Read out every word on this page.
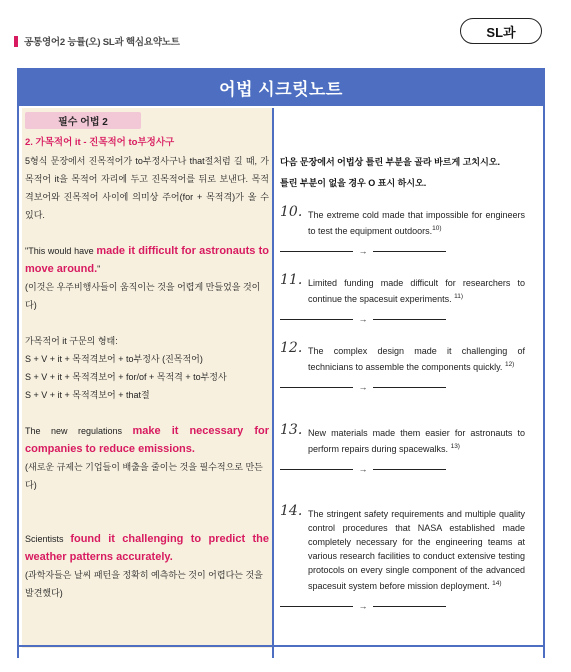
공통영어2 능률(오) SL과 핵심요약노트
SL과
어법 시크릿노트
필수 어법 2
2. 가목적어 it - 진목적어 to부정사구
5형식 문장에서 진목적어가 to부정사구나 that절처럼 길 때, 가목적어 it을 목적어 자리에 두고 진목적어를 뒤로 보낸다. 목적격보어와 진목적어 사이에 의미상 주어(for + 목적격)가 올 수 있다.
"This would have made it difficult for astronauts to move around."
(이것은 우주비행사들이 움직이는 것을 어렵게 만들었을 것이다)
가목적어 it 구문의 형태:
S + V + it + 목적격보어 + to부정사 (진목적어)
S + V + it + 목적격보어 + for/of + 목적격 + to부정사
S + V + it + 목적격보어 + that절
The new regulations make it necessary for companies to reduce emissions.
(새로운 규제는 기업들이 배출을 줄이는 것을 필수적으로 만든다)
Scientists found it challenging to predict the weather patterns accurately.
(과학자들은 날씨 패턴을 정확히 예측하는 것이 어렵다는 것을 발견했다)
다음 문장에서 어법상 틀린 부분을 골라 바르게 고치시오.
틀린 부분이 없을 경우 O 표시 하시오.
10. The extreme cold made that impossible for engineers to test the equipment outdoors.$^{10)}$
→
11. Limited funding made difficult for researchers to continue the spacesuit experiments. $^{11)}$
→
12. The complex design made it challenging of technicians to assemble the components quickly. $^{12)}$
→
13. New materials made them easier for astronauts to perform repairs during spacewalks. $^{13)}$
→
14. The stringent safety requirements and multiple quality control procedures that NASA established made completely necessary for the engineering teams at various research facilities to conduct extensive testing protocols on every single component of the advanced spacesuit system before mission deployment. $^{14)}$
→
